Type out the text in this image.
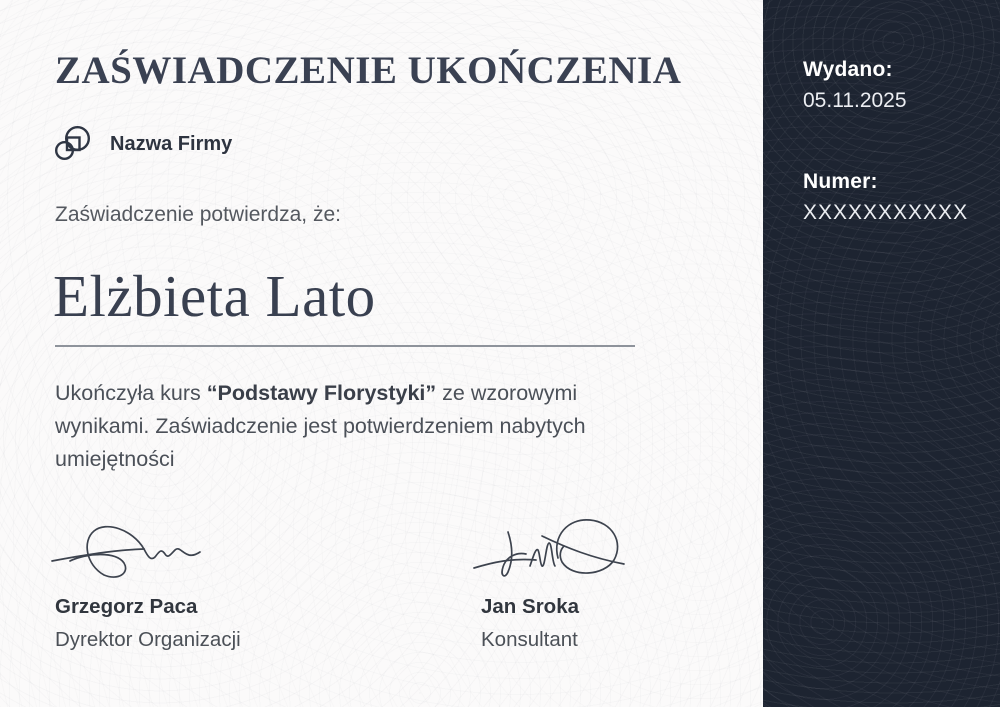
ZAŚWIADCZENIE UKOŃCZENIA
Nazwa Firmy

Zaświadczenie potwierdza, że:

Elżbieta Lato

Ukończyła kurs “Podstawy Florystyki” ze wzorowymi wynikami. Zaświadczenie jest potwierdzeniem nabytych umiejętności

Grzegorz Paca
Dyrektor Organizacji
Jan Sroka
Konsultant
Wydano:
05.11.2025
Numer:
XXXXXXXXXXX
